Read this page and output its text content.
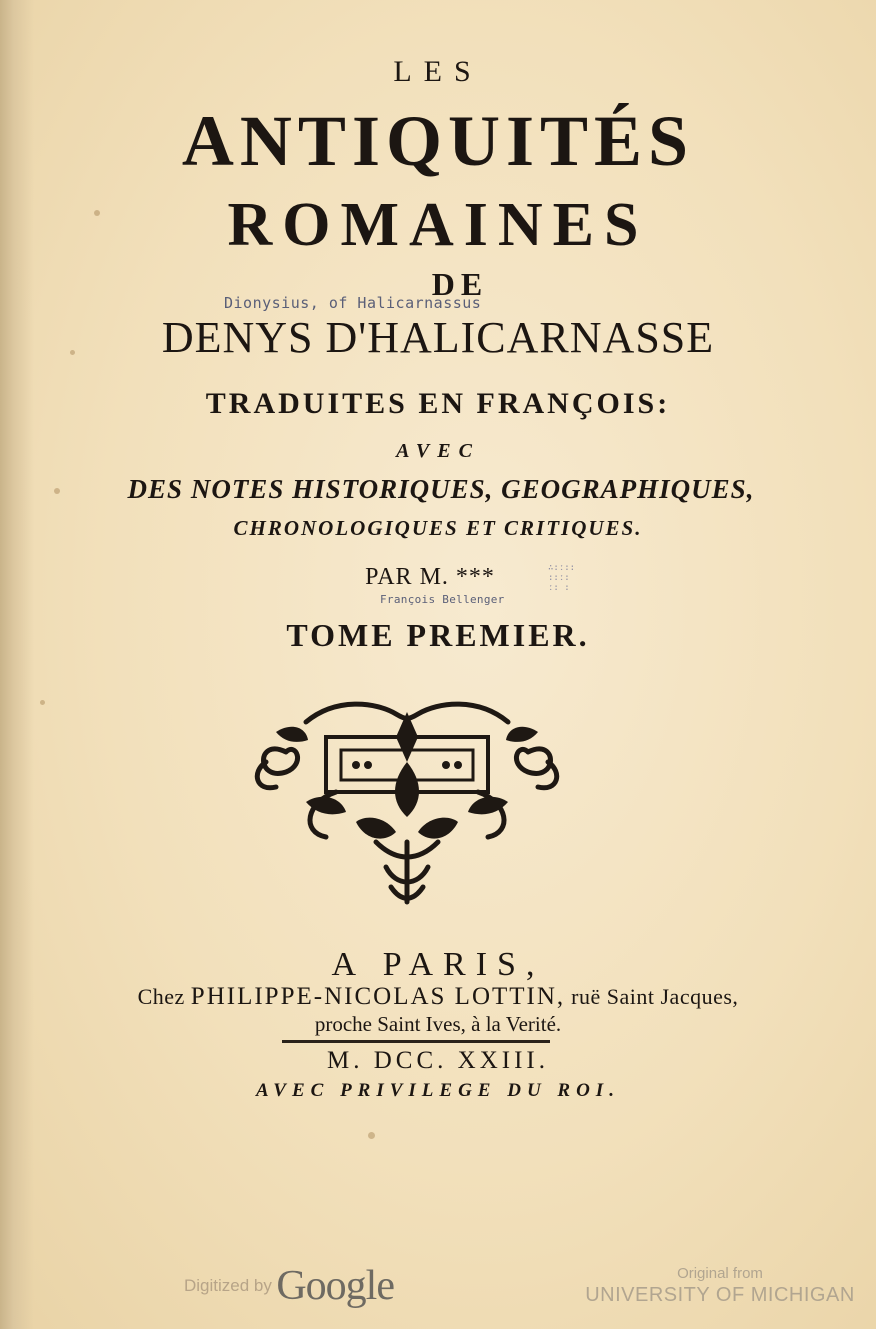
LES
ANTIQUITÉS
ROMAINES
DE
Dionysius, of Halicarnassus
DENYS D'HALICARNASSE
TRADUITES EN FRANÇOIS:
AVEC
DES NOTES HISTORIQUES, GEOGRAPHIQUES,
CHRONOLOGIQUES ET CRITIQUES.
PAR M. ***	∴:ː::
::ː:
ː: :
François Bellenger
TOME PREMIER.
A PARIS,
Chez PHILIPPE-NICOLAS LOTTIN, ruë Saint Jacques,
proche Saint Ives, à la Verité.
M. DCC. XXIII.
AVEC PRIVILEGE DU ROI.
Digitized by Google	Original from
UNIVERSITY OF MICHIGAN
